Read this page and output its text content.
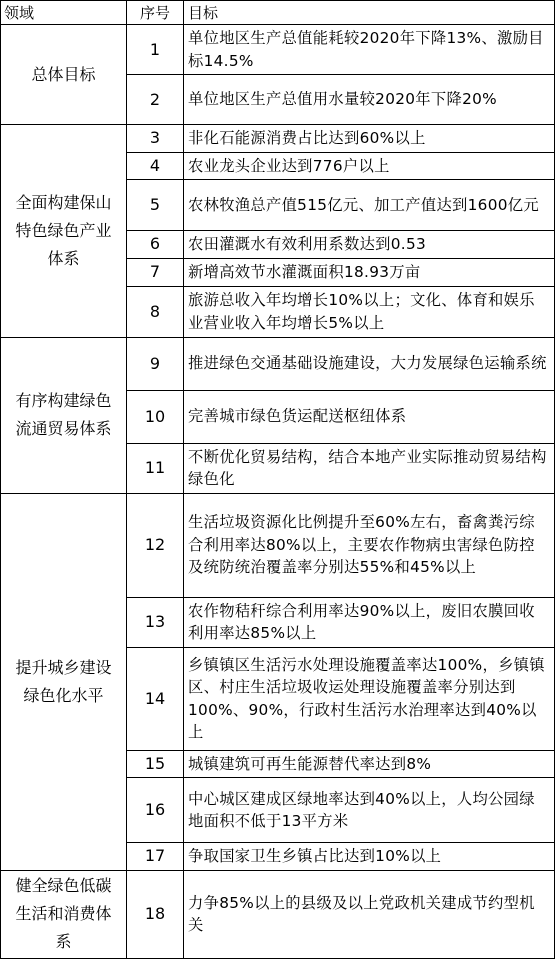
领域	序号	目标
总体目标	1	单位地区生产总值能耗较2020年下降13%、激励目标14.5%
	2	单位地区生产总值用水量较2020年下降20%
全面构建保山特色绿色产业体系	3	非化石能源消费占比达到60%以上
	4	农业龙头企业达到776户以上
	5	农林牧渔总产值515亿元、加工产值达到1600亿元
	6	农田灌溉水有效利用系数达到0.53
	7	新增高效节水灌溉面积18.93万亩
	8	旅游总收入年均增长10%以上；文化、体育和娱乐业营业收入年均增长5%以上
有序构建绿色流通贸易体系	9	推进绿色交通基础设施建设，大力发展绿色运输系统
	10	完善城市绿色货运配送枢纽体系
	11	不断优化贸易结构，结合本地产业实际推动贸易结构绿色化
提升城乡建设绿色化水平	12	生活垃圾资源化比例提升至60%左右，畜禽粪污综合利用率达80%以上，主要农作物病虫害绿色防控及统防统治覆盖率分别达55%和45%以上
	13	农作物秸秆综合利用率达90%以上，废旧农膜回收利用率达85%以上
	14	乡镇镇区生活污水处理设施覆盖率达100%，乡镇镇区、村庄生活垃圾收运处理设施覆盖率分别达到100%、90%，行政村生活污水治理率达到40%以上
	15	城镇建筑可再生能源替代率达到8%
	16	中心城区建成区绿地率达到40%以上，人均公园绿地面积不低于13平方米
	17	争取国家卫生乡镇占比达到10%以上
健全绿色低碳生活和消费体系	18	力争85%以上的县级及以上党政机关建成节约型机关
